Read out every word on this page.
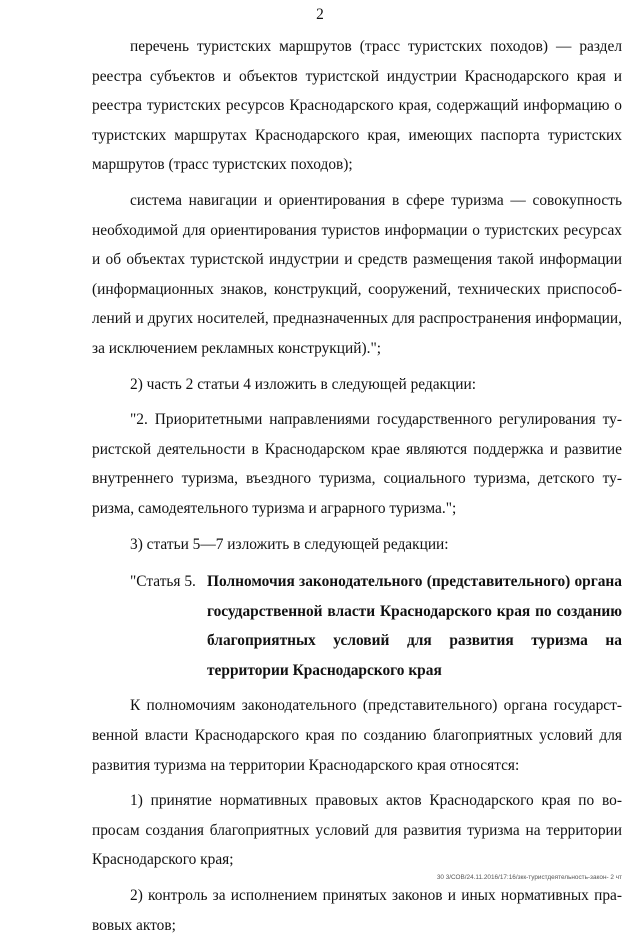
2

перечень туристских маршрутов (трасс туристских походов) — раздел реестра субъектов и объектов туристской индустрии Краснодарского края и реестра туристских ресурсов Краснодарского края, содержащий информацию о туристских маршрутах Краснодарского края, имеющих паспорта туристских маршрутов (трасс туристских походов);

система навигации и ориентирования в сфере туризма — совокупность необходимой для ориентирования туристов информации о туристских ресурсах и об объектах туристской индустрии и средств размещения такой информации (информационных знаков, конструкций, сооружений, технических приспособлений и других носителей, предназначенных для распространения информации, за исключением рекламных конструкций).";

2) часть 2 статьи 4 изложить в следующей редакции:

"2. Приоритетными направлениями государственного регулирования туристской деятельности в Краснодарском крае являются поддержка и развитие внутреннего туризма, въездного туризма, социального туризма, детского туризма, самодеятельного туризма и аграрного туризма.";

3) статьи 5—7 изложить в следующей редакции:

"Статья 5. Полномочия законодательного (представительного) органа государственной власти Краснодарского края по созданию благоприятных условий для развития туризма на территории Краснодарского края

К полномочиям законодательного (представительного) органа государственной власти Краснодарского края по созданию благоприятных условий для развития туризма на территории Краснодарского края относятся:

1) принятие нормативных правовых актов Краснодарского края по вопросам создания благоприятных условий для развития туризма на территории Краснодарского края;

2) контроль за исполнением принятых законов и иных нормативных правовых актов;

30 3/СОВ/24.11.2016/17:16/зкк-туристдеятельность-закон- 2 чт
